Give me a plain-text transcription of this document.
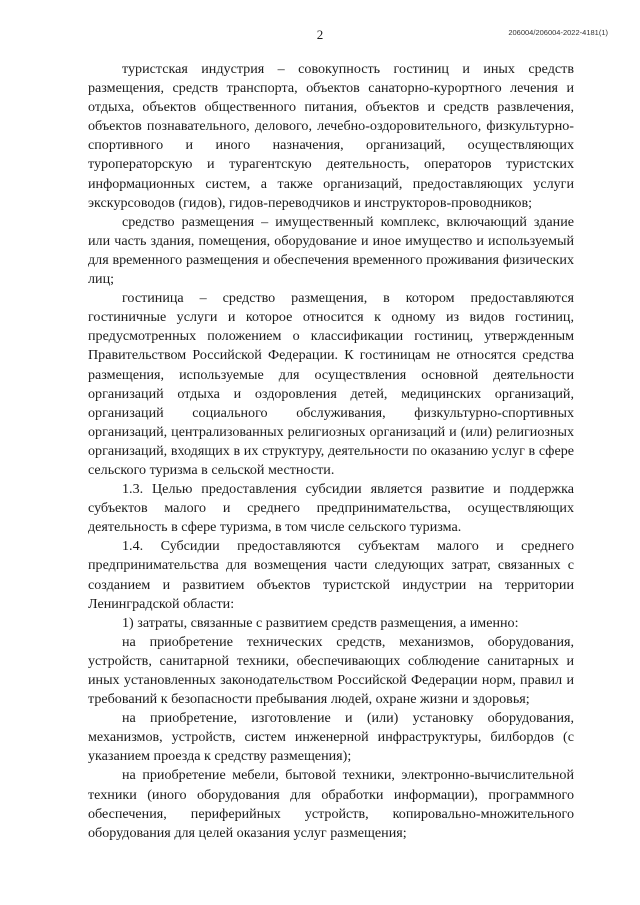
2	206004/206004-2022-4181(1)

туристская индустрия – совокупность гостиниц и иных средств размещения, средств транспорта, объектов санаторно-курортного лечения и отдыха, объектов общественного питания, объектов и средств развлечения, объектов познавательного, делового, лечебно-оздоровительного, физкультурно-спортивного и иного назначения, организаций, осуществляющих туроператорскую и турагентскую деятельность, операторов туристских информационных систем, а также организаций, предоставляющих услуги экскурсоводов (гидов), гидов-переводчиков и инструкторов-проводников;

средство размещения – имущественный комплекс, включающий здание или часть здания, помещения, оборудование и иное имущество и используемый для временного размещения и обеспечения временного проживания физических лиц;

гостиница – средство размещения, в котором предоставляются гостиничные услуги и которое относится к одному из видов гостиниц, предусмотренных положением о классификации гостиниц, утвержденным Правительством Российской Федерации. К гостиницам не относятся средства размещения, используемые для осуществления основной деятельности организаций отдыха и оздоровления детей, медицинских организаций, организаций социального обслуживания, физкультурно-спортивных организаций, централизованных религиозных организаций и (или) религиозных организаций, входящих в их структуру, деятельности по оказанию услуг в сфере сельского туризма в сельской местности.

1.3. Целью предоставления субсидии является развитие и поддержка субъектов малого и среднего предпринимательства, осуществляющих деятельность в сфере туризма, в том числе сельского туризма.

1.4. Субсидии предоставляются субъектам малого и среднего предпринимательства для возмещения части следующих затрат, связанных с созданием и развитием объектов туристской индустрии на территории Ленинградской области:

1) затраты, связанные с развитием средств размещения, а именно:

на приобретение технических средств, механизмов, оборудования, устройств, санитарной техники, обеспечивающих соблюдение санитарных и иных установленных законодательством Российской Федерации норм, правил и требований к безопасности пребывания людей, охране жизни и здоровья;

на приобретение, изготовление и (или) установку оборудования, механизмов, устройств, систем инженерной инфраструктуры, билбордов (с указанием проезда к средству размещения);

на приобретение мебели, бытовой техники, электронно-вычислительной техники (иного оборудования для обработки информации), программного обеспечения, периферийных устройств, копировально-множительного оборудования для целей оказания услуг размещения;
